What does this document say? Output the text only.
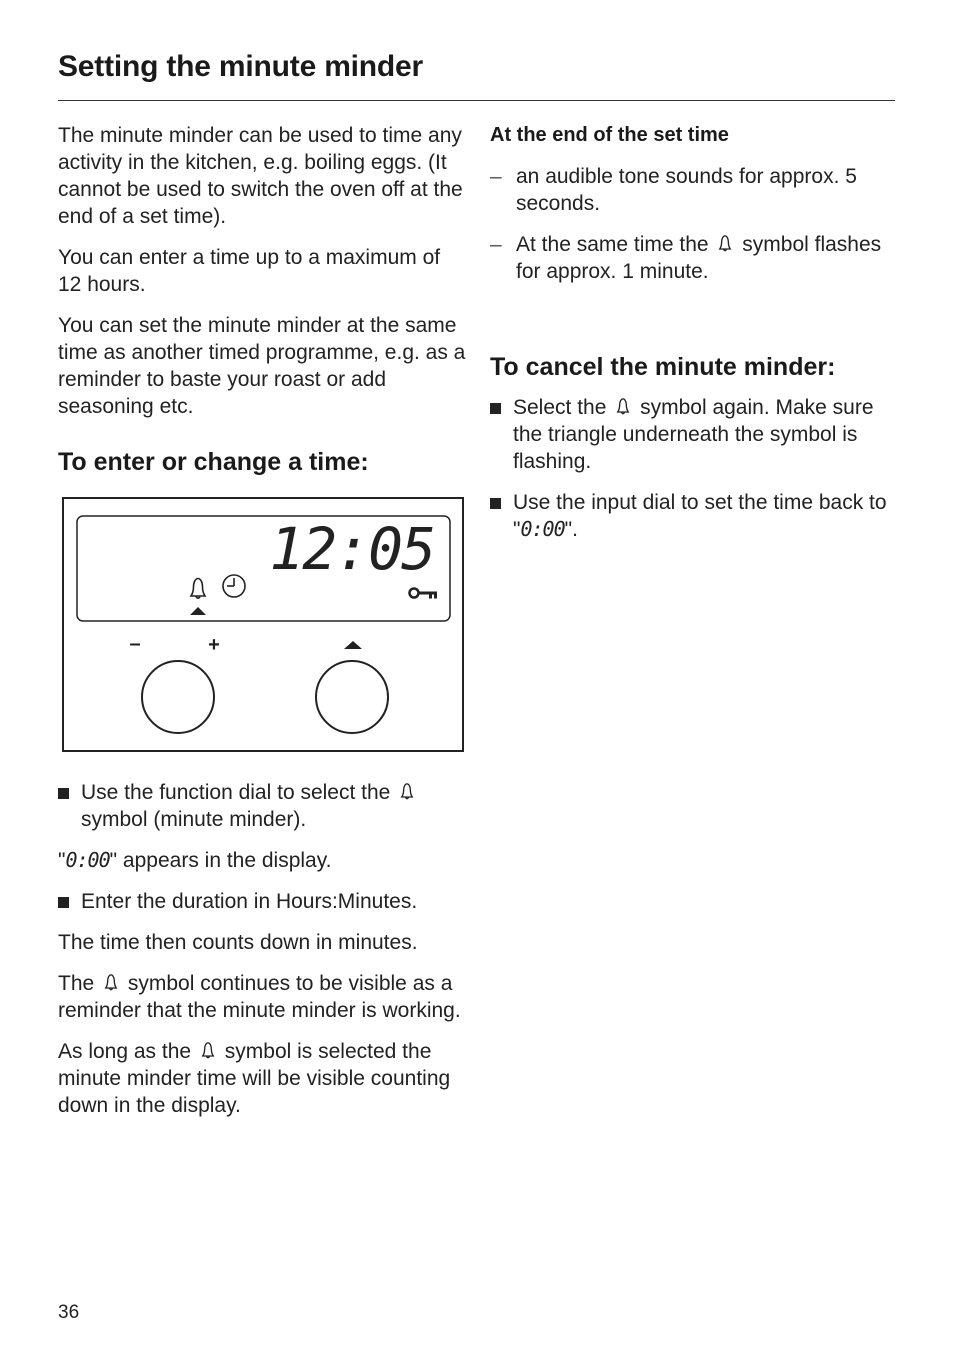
Setting the minute minder

The minute minder can be used to time any activity in the kitchen, e.g. boiling eggs. (It cannot be used to switch the oven off at the end of a set time).

You can enter a time up to a maximum of 12 hours.

You can set the minute minder at the same time as another timed programme, e.g. as a reminder to baste your roast or add seasoning etc.

To enter or change a time:
12:05
–	+
Use the function dial to select the  symbol (minute minder).

"0:00" appears in the display.

Enter the duration in Hours:Minutes.

The time then counts down in minutes.

The symbol continues to be visible as a reminder that the minute minder is working.

As long as the symbol is selected the minute minder time will be visible counting down in the display.

At the end of the set time
– an audible tone sounds for approx. 5 seconds.
– At the same time the symbol flashes for approx. 1 minute.
To cancel the minute minder:
Select the symbol again. Make sure the triangle underneath the symbol is flashing.
Use the input dial to set the time back to "0:00".
36
